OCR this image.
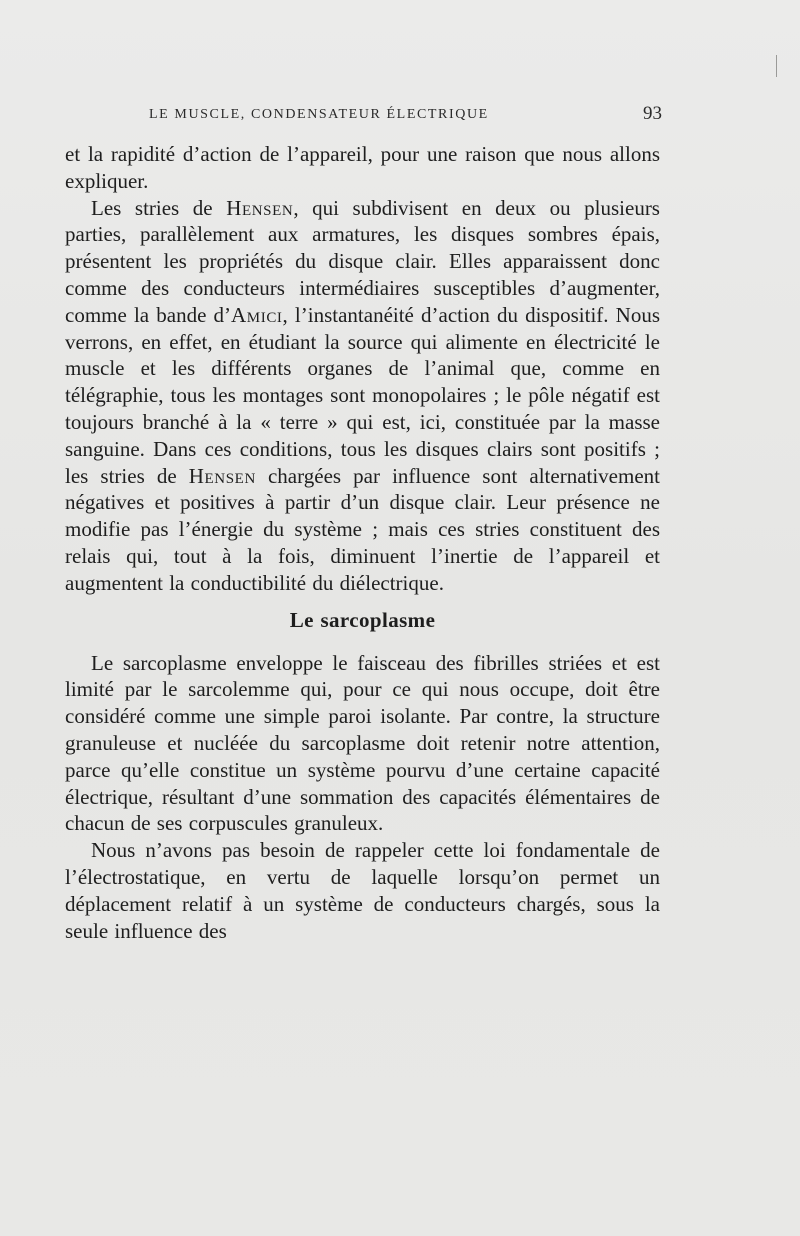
LE MUSCLE, CONDENSATEUR ÉLECTRIQUE	93

et la rapidité d’action de l’appareil, pour une raison que nous allons expliquer.

Les stries de Hensen, qui subdivisent en deux ou plusieurs parties, parallèlement aux armatures, les disques sombres épais, présentent les propriétés du disque clair. Elles apparaissent donc comme des conducteurs intermédiaires susceptibles d’augmenter, comme la bande d’Amici, l’instantanéité d’action du dispositif. Nous verrons, en effet, en étudiant la source qui alimente en électricité le muscle et les différents organes de l’animal que, comme en télégraphie, tous les montages sont monopolaires ; le pôle négatif est toujours branché à la « terre » qui est, ici, constituée par la masse sanguine. Dans ces conditions, tous les disques clairs sont positifs ; les stries de Hensen chargées par influence sont alternativement négatives et positives à partir d’un disque clair. Leur présence ne modifie pas l’énergie du système ; mais ces stries constituent des relais qui, tout à la fois, diminuent l’inertie de l’appareil et augmentent la conductibilité du diélectrique.

Le sarcoplasme

Le sarcoplasme enveloppe le faisceau des fibrilles striées et est limité par le sarcolemme qui, pour ce qui nous occupe, doit être considéré comme une simple paroi isolante. Par contre, la structure granuleuse et nucléée du sarcoplasme doit retenir notre attention, parce qu’elle constitue un système pourvu d’une certaine capacité électrique, résultant d’une sommation des capacités élémentaires de chacun de ses corpuscules granuleux.

Nous n’avons pas besoin de rappeler cette loi fondamentale de l’électrostatique, en vertu de laquelle lorsqu’on permet un déplacement relatif à un système de conducteurs chargés, sous la seule influence des
